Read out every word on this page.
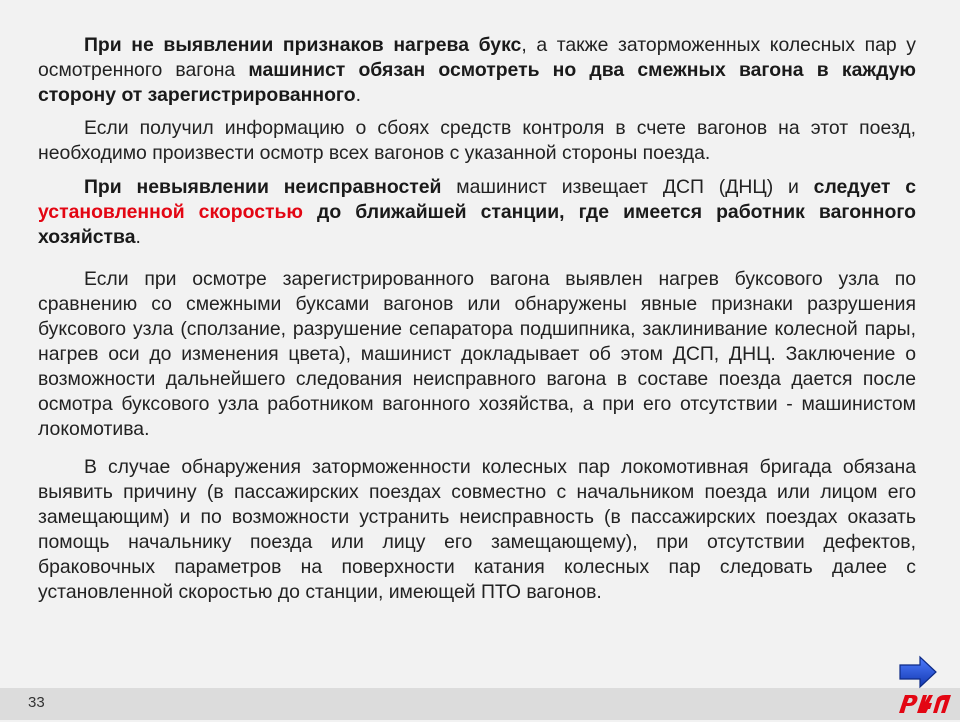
При не выявлении признаков нагрева букс, а также заторможенных колесных пар у осмотренного вагона машинист обязан осмотреть но два смежных вагона в каждую сторону от зарегистрированного.

Если получил информацию о сбоях средств контроля в счете вагонов на этот поезд, необходимо произвести осмотр всех вагонов с указанной стороны поезда.

При невыявлении неисправностей машинист извещает ДСП (ДНЦ) и следует с установленной скоростью до ближайшей станции, где имеется работник вагонного хозяйства.

Если при осмотре зарегистрированного вагона выявлен нагрев буксового узла по сравнению со смежными буксами вагонов или обнаружены явные признаки разрушения буксового узла (сползание, разрушение сепаратора подшипника, заклинивание колесной пары, нагрев оси до изменения цвета), машинист докладывает об этом ДСП, ДНЦ. Заключение о возможности дальнейшего следования неисправного вагона в составе поезда дается после осмотра буксового узла работником вагонного хозяйства, а при его отсутствии - машинистом локомотива.

В случае обнаружения заторможенности колесных пар локомотивная бригада обязана выявить причину (в пассажирских поездах совместно с начальником поезда или лицом его замещающим) и по возможности устранить неисправность (в пассажирских поездах оказать помощь начальнику поезда или лицу его замещающему), при отсутствии дефектов, браковочных параметров на поверхности катания колесных пар следовать далее с установленной скоростью до станции, имеющей ПТО вагонов.

33
